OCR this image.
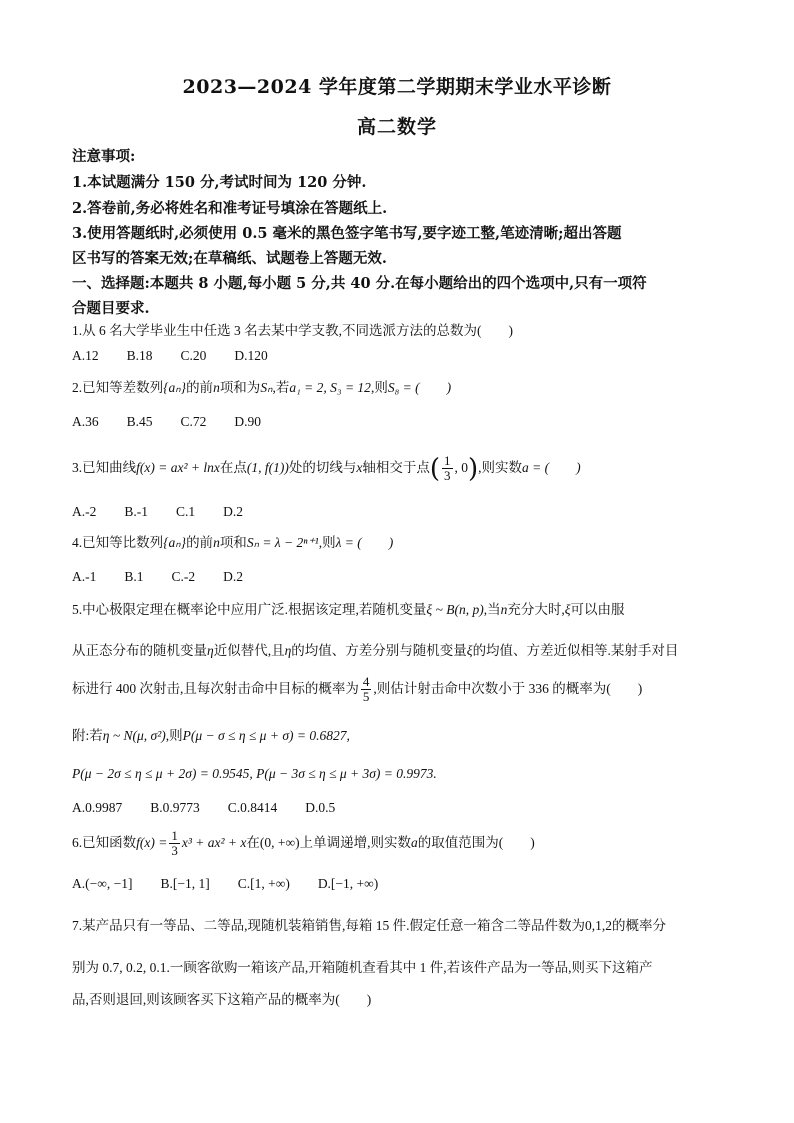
2023—2024 学年度第二学期期末学业水平诊断
高二数学
注意事项:
1.本试题满分 150 分,考试时间为 120 分钟.
2.答卷前,务必将姓名和准考证号填涂在答题纸上.
3.使用答题纸时,必须使用 0.5 毫米的黑色签字笔书写,要字迹工整,笔迹清晰;超出答题
区书写的答案无效;在草稿纸、试题卷上答题无效.
一、选择题:本题共 8 小题,每小题 5 分,共 40 分.在每小题给出的四个选项中,只有一项符
合题目要求.
1.从 6 名大学毕业生中任选 3 名去某中学支教,不同选派方法的总数为(　　)
A.12 B.18 C.20 D.120
2.已知等差数列{aₙ}的前n项和为Sₙ,若a₁ = 2, S₃ = 12,则S₈ = (　　)
A.36 B.45 C.72 D.90
3.已知曲线f(x) = ax² + lnx在点(1, f(1))处的切线与x轴相交于点( $\frac{1}{3}$ , 0),则实数a = (　　)
A.-2 B.-1 C.1 D.2
4.已知等比数列{aₙ}的前n项和Sₙ = λ − 2ⁿ⁺¹,则λ = (　　)
A.-1 B.1 C.-2 D.2
5.中心极限定理在概率论中应用广泛.根据该定理,若随机变量ξ ~ B(n, p),当n充分大时,ξ可以由服
从正态分布的随机变量η近似替代,且η的均值、方差分别与随机变量ξ的均值、方差近似相等.某射手对目
标进行 400 次射击,且每次射击命中目标的概率为 $\frac{4}{5}$ ,则估计射击命中次数小于 336 的概率为(　　)
附:若η ~ N(μ, σ²),则P(μ − σ ≤ η ≤ μ + σ) = 0.6827,
P(μ − 2σ ≤ η ≤ μ + 2σ) = 0.9545, P(μ − 3σ ≤ η ≤ μ + 3σ) = 0.9973.
A.0.9987 B.0.9773 C.0.8414 D.0.5
6.已知函数$f(x) = \frac{1}{3} x^3 + ax^2 + x$在(0, +∞)上单调递增,则实数a的取值范围为(　　)
A.(−∞, −1] B.[−1, 1] C.[1, +∞) D.[−1, +∞)
7.某产品只有一等品、二等品,现随机装箱销售,每箱 15 件.假定任意一箱含二等品件数为0,1,2的概率分
别为 0.7, 0.2, 0.1.一顾客欲购一箱该产品,开箱随机查看其中 1 件,若该件产品为一等品,则买下这箱产
品,否则退回,则该顾客买下这箱产品的概率为(　　)
